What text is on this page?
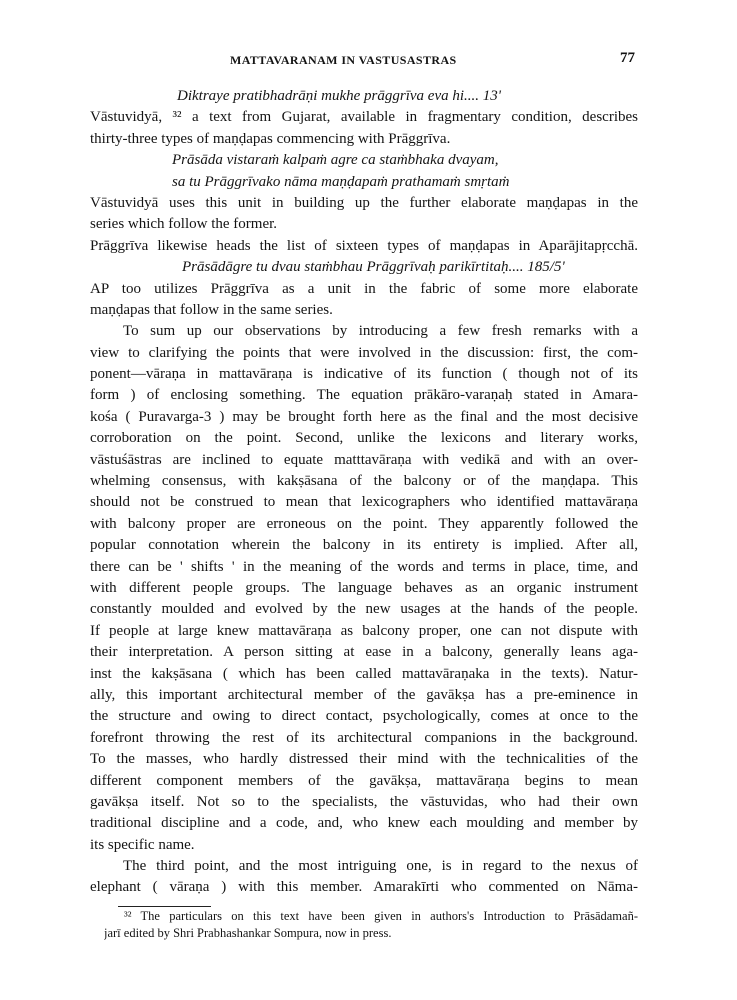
MATTAVARANAM IN VASTUSASTRAS	77
Diktraye pratibhadrāṇi mukhe prāggrīva eva hi.... 13'
Vāstuvidyā, ³² a text from Gujarat, available in fragmentary condition, describes
thirty-three types of maṇḍapas commencing with Prāggrīva.
Prāsāda vistaraṁ kalpaṁ agre ca staṁbhaka dvayam,
sa tu Prāggrīvako nāma maṇḍapaṁ prathamaṁ smṛtaṁ
Vāstuvidyā uses this unit in building up the further elaborate maṇḍapas in the
series which follow the former.
Prāggrīva likewise heads the list of sixteen types of maṇḍapas in Aparājitapṛcchā.
Prāsādāgre tu dvau staṁbhau Prāggrīvaḥ parikīrtitaḥ.... 185/5'
AP too utilizes Prāggrīva as a unit in the fabric of some more elaborate
maṇḍapas that follow in the same series.
To sum up our observations by introducing a few fresh remarks with a
view to clarifying the points that were involved in the discussion: first, the com-
ponent—vāraṇa in mattavāraṇa is indicative of its function ( though not of its
form ) of enclosing something. The equation prākāro-varaṇaḥ stated in Amara-
kośa ( Puravarga-3 ) may be brought forth here as the final and the most decisive
corroboration on the point. Second, unlike the lexicons and literary works,
vāstuśāstras are inclined to equate matttavāraṇa with vedikā and with an over-
whelming consensus, with kakṣāsana of the balcony or of the maṇḍapa. This
should not be construed to mean that lexicographers who identified mattavāraṇa
with balcony proper are erroneous on the point. They apparently followed the
popular connotation wherein the balcony in its entirety is implied. After all,
there can be ' shifts ' in the meaning of the words and terms in place, time, and
with different people groups. The language behaves as an organic instrument
constantly moulded and evolved by the new usages at the hands of the people.
If people at large knew mattavāraṇa as balcony proper, one can not dispute with
their interpretation. A person sitting at ease in a balcony, generally leans aga-
inst the kakṣāsana ( which has been called mattavāraṇaka in the texts). Natur-
ally, this important architectural member of the gavākṣa has a pre-eminence in
the structure and owing to direct contact, psychologically, comes at once to the
forefront throwing the rest of its architectural companions in the background.
To the masses, who hardly distressed their mind with the technicalities of the
different component members of the gavākṣa, mattavāraṇa begins to mean
gavākṣa itself. Not so to the specialists, the vāstuvidas, who had their own
traditional discipline and a code, and, who knew each moulding and member by
its specific name.
The third point, and the most intriguing one, is in regard to the nexus of
elephant ( vāraṇa ) with this member. Amarakīrti who commented on Nāma-
³² The particulars on this text have been given in authors's Introduction to Prāsādamañ-
jarī edited by Shri Prabhashankar Sompura, now in press.
